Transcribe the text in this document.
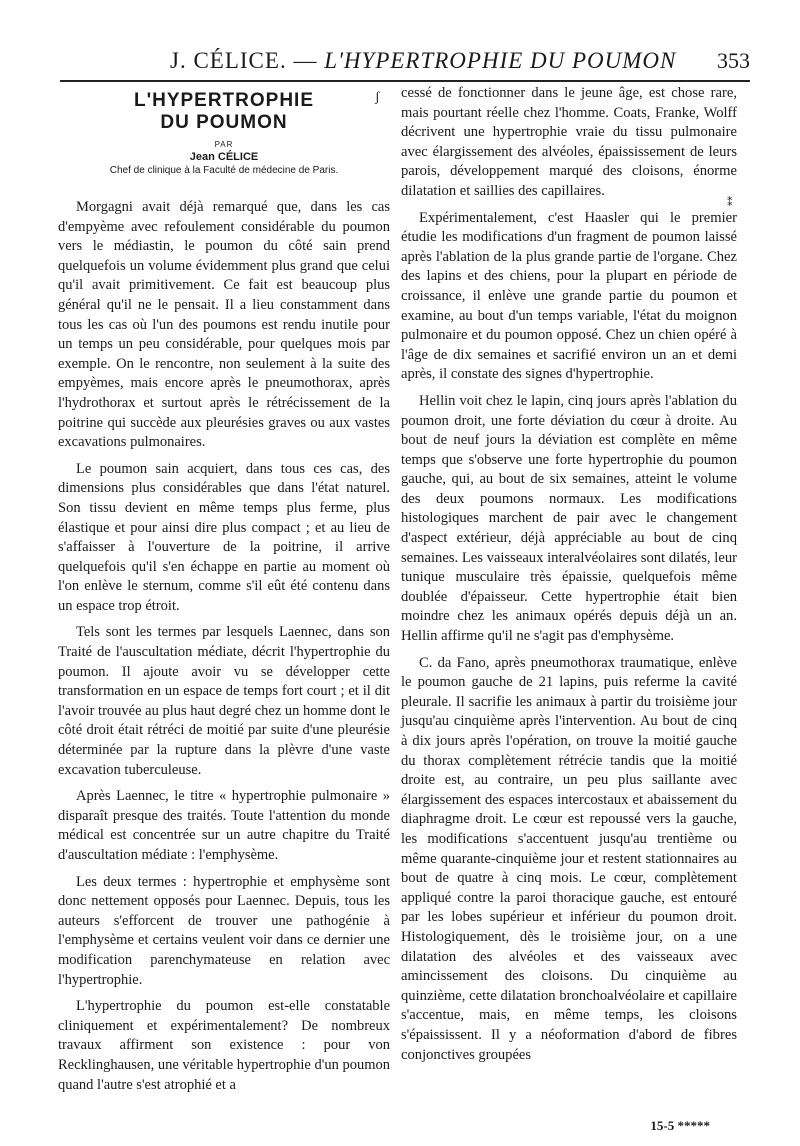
J. CÉLICE. — L'HYPERTROPHIE DU POUMON 353
ʃ
⁑
L'HYPERTROPHIE
DU POUMON

PAR

Jean CÉLICE

Chef de clinique à la Faculté de médecine de Paris.

Morgagni avait déjà remarqué que, dans les cas d'empyème avec refoulement considérable du poumon vers le médiastin, le poumon du côté sain prend quelquefois un volume évidemment plus grand que celui qu'il avait primitivement. Ce fait est beaucoup plus général qu'il ne le pensait. Il a lieu constamment dans tous les cas où l'un des poumons est rendu inutile pour un temps un peu considérable, pour quelques mois par exemple. On le rencontre, non seulement à la suite des empyèmes, mais encore après le pneumothorax, après l'hydrothorax et surtout après le rétrécissement de la poitrine qui succède aux pleurésies graves ou aux vastes excavations pulmonaires.

Le poumon sain acquiert, dans tous ces cas, des dimensions plus considérables que dans l'état naturel. Son tissu devient en même temps plus ferme, plus élastique et pour ainsi dire plus compact ; et au lieu de s'affaisser à l'ouverture de la poitrine, il arrive quelquefois qu'il s'en échappe en partie au moment où l'on enlève le sternum, comme s'il eût été contenu dans un espace trop étroit.

Tels sont les termes par lesquels Laennec, dans son Traité de l'auscultation médiate, décrit l'hypertrophie du poumon. Il ajoute avoir vu se développer cette transformation en un espace de temps fort court ; et il dit l'avoir trouvée au plus haut degré chez un homme dont le côté droit était rétréci de moitié par suite d'une pleurésie déterminée par la rupture dans la plèvre d'une vaste excavation tuberculeuse.

Après Laennec, le titre « hypertrophie pulmonaire » disparaît presque des traités. Toute l'attention du monde médical est concentrée sur un autre chapitre du Traité d'auscultation médiate : l'emphysème.

Les deux termes : hypertrophie et emphysème sont donc nettement opposés pour Laennec. Depuis, tous les auteurs s'efforcent de trouver une pathogénie à l'emphysème et certains veulent voir dans ce dernier une modification parenchymateuse en relation avec l'hypertrophie.

L'hypertrophie du poumon est-elle constatable cliniquement et expérimentalement? De nombreux travaux affirment son existence : pour von Recklinghausen, une véritable hypertrophie d'un poumon quand l'autre s'est atrophié et a

cessé de fonctionner dans le jeune âge, est chose rare, mais pourtant réelle chez l'homme. Coats, Franke, Wolff décrivent une hypertrophie vraie du tissu pulmonaire avec élargissement des alvéoles, épaississement de leurs parois, développement marqué des cloisons, énorme dilatation et saillies des capillaires.

Expérimentalement, c'est Haasler qui le premier étudie les modifications d'un fragment de poumon laissé après l'ablation de la plus grande partie de l'organe. Chez des lapins et des chiens, pour la plupart en période de croissance, il enlève une grande partie du poumon et examine, au bout d'un temps variable, l'état du moignon pulmonaire et du poumon opposé. Chez un chien opéré à l'âge de dix semaines et sacrifié environ un an et demi après, il constate des signes d'hypertrophie.

Hellin voit chez le lapin, cinq jours après l'ablation du poumon droit, une forte déviation du cœur à droite. Au bout de neuf jours la déviation est complète en même temps que s'observe une forte hypertrophie du poumon gauche, qui, au bout de six semaines, atteint le volume des deux poumons normaux. Les modifications histologiques marchent de pair avec le changement d'aspect extérieur, déjà appréciable au bout de cinq semaines. Les vaisseaux interalvéolaires sont dilatés, leur tunique musculaire très épaissie, quelquefois même doublée d'épaisseur. Cette hypertrophie était bien moindre chez les animaux opérés depuis déjà un an. Hellin affirme qu'il ne s'agit pas d'emphysème.

C. da Fano, après pneumothorax traumatique, enlève le poumon gauche de 21 lapins, puis referme la cavité pleurale. Il sacrifie les animaux à partir du troisième jour jusqu'au cinquième après l'intervention. Au bout de cinq à dix jours après l'opération, on trouve la moitié gauche du thorax complètement rétrécie tandis que la moitié droite est, au contraire, un peu plus saillante avec élargissement des espaces intercostaux et abaissement du diaphragme droit. Le cœur est repoussé vers la gauche, les modifications s'accentuent jusqu'au trentième ou même quarante-cinquième jour et restent stationnaires au bout de quatre à cinq mois. Le cœur, complètement appliqué contre la paroi thoracique gauche, est entouré par les lobes supérieur et inférieur du poumon droit. Histologiquement, dès le troisième jour, on a une dilatation des alvéoles et des vaisseaux avec amincissement des cloisons. Du cinquième au quinzième, cette dilatation bronchoalvéolaire et capillaire s'accentue, mais, en même temps, les cloisons s'épaississent. Il y a néoformation d'abord de fibres conjonctives groupées

15-5 *****
